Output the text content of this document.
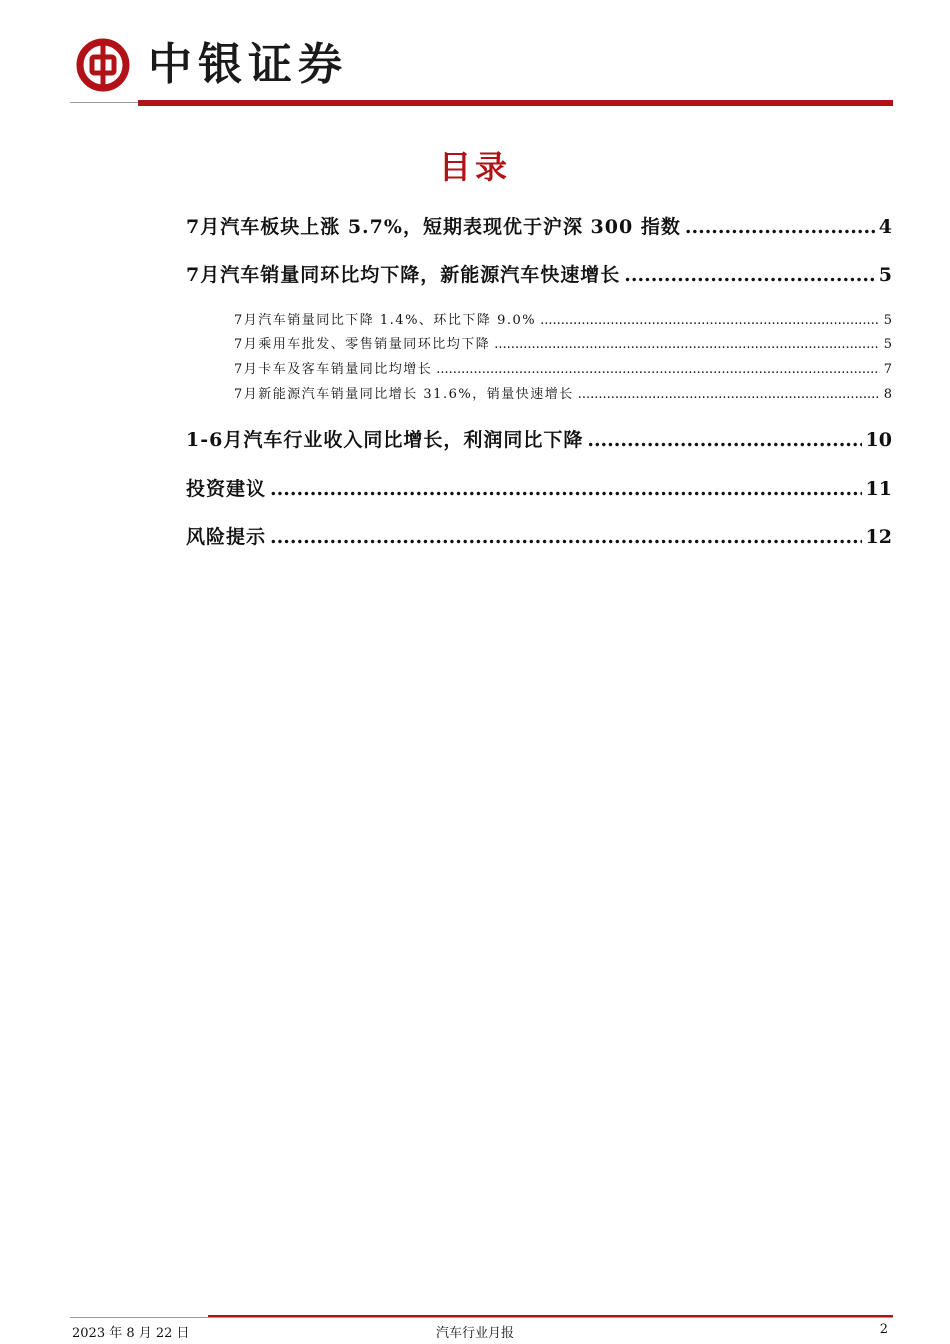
中银证券
目录
7月汽车板块上涨 5.7%，短期表现优于沪深 300 指数 .....	4
7月汽车销量同环比均下降，新能源汽车快速增长 .....	5
7月汽车销量同比下降 1.4%、环比下降 9.0% .....	5
7月乘用车批发、零售销量同环比均下降 .....	5
7月卡车及客车销量同比均增长 .....	7
7月新能源汽车销量同比增长 31.6%，销量快速增长 .....	8
1-6月汽车行业收入同比增长，利润同比下降 .....	10
投资建议 .....	11
风险提示 .....	12
2023 年 8 月 22 日	汽车行业月报	2
